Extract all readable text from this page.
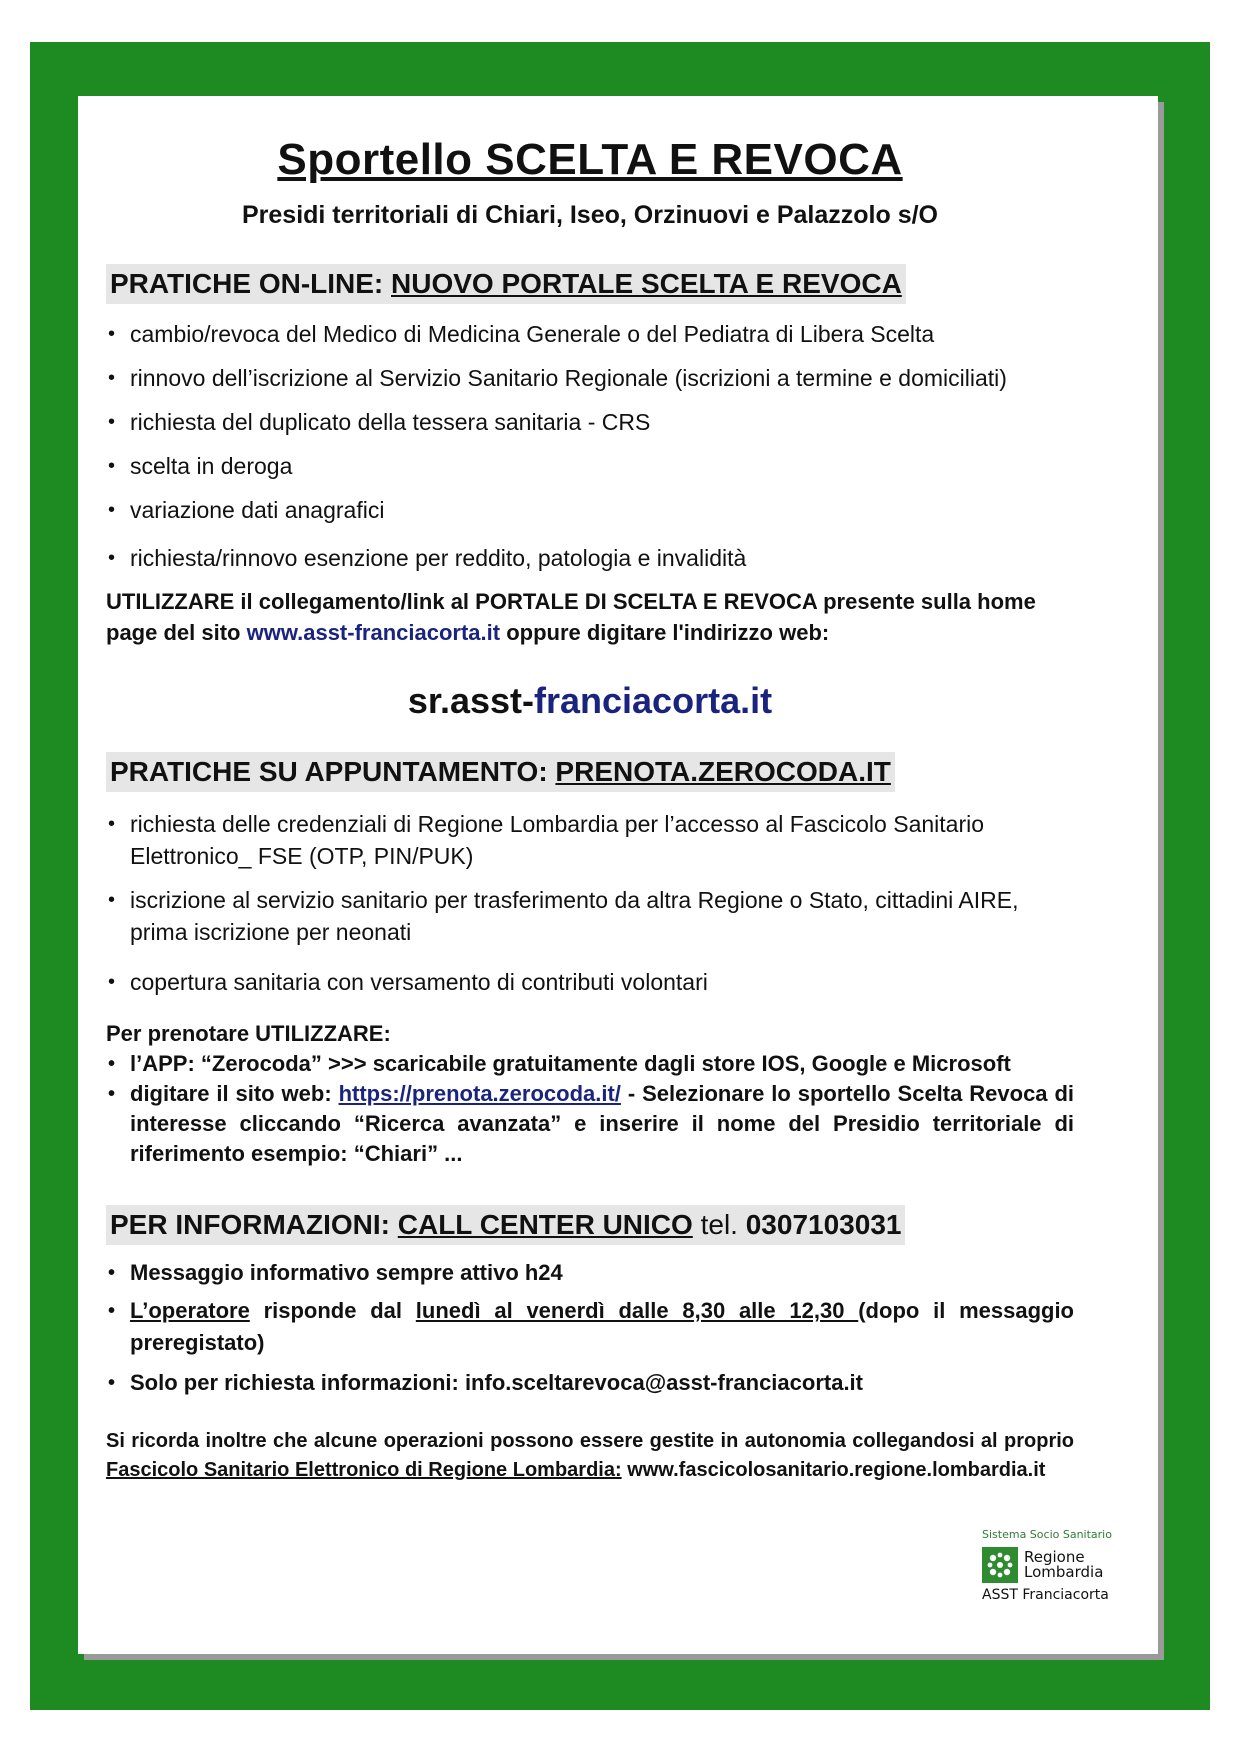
Sportello SCELTA E REVOCA
Presidi territoriali di Chiari, Iseo, Orzinuovi e Palazzolo s/O
PRATICHE ON-LINE: NUOVO PORTALE SCELTA E REVOCA
• cambio/revoca del Medico di Medicina Generale o del Pediatra di Libera Scelta
• rinnovo dell’iscrizione al Servizio Sanitario Regionale (iscrizioni a termine e domiciliati)
• richiesta del duplicato della tessera sanitaria - CRS
• scelta in deroga
• variazione dati anagrafici
• richiesta/rinnovo esenzione per reddito, patologia e invalidità
UTILIZZARE il collegamento/link al PORTALE DI SCELTA E REVOCA presente sulla home page del sito www.asst-franciacorta.it oppure digitare l'indirizzo web:
sr.asst-franciacorta.it
PRATICHE SU APPUNTAMENTO: PRENOTA.ZEROCODA.IT
• richiesta delle credenziali di Regione Lombardia per l’accesso al Fascicolo Sanitario Elettronico_ FSE (OTP, PIN/PUK)
• iscrizione al servizio sanitario per trasferimento da altra Regione o Stato, cittadini AIRE, prima iscrizione per neonati
• copertura sanitaria con versamento di contributi volontari
Per prenotare UTILIZZARE:
• l’APP: “Zerocoda” >>> scaricabile gratuitamente dagli store IOS, Google e Microsoft
• digitare il sito web: https://prenota.zerocoda.it/ - Selezionare lo sportello Scelta Revoca di interesse cliccando “Ricerca avanzata” e inserire il nome del Presidio territoriale di riferimento esempio: “Chiari” ...
PER INFORMAZIONI: CALL CENTER UNICO tel. 0307103031
• Messaggio informativo sempre attivo h24
• L’operatore risponde dal lunedì al venerdì dalle 8,30 alle 12,30 (dopo il messaggio preregistato)
• Solo per richiesta informazioni: info.sceltarevoca@asst-franciacorta.it
Si ricorda inoltre che alcune operazioni possono essere gestite in autonomia collegandosi al proprio Fascicolo Sanitario Elettronico di Regione Lombardia: www.fascicolosanitario.regione.lombardia.it
Sistema Socio Sanitario
Regione
Lombardia
ASST Franciacorta
